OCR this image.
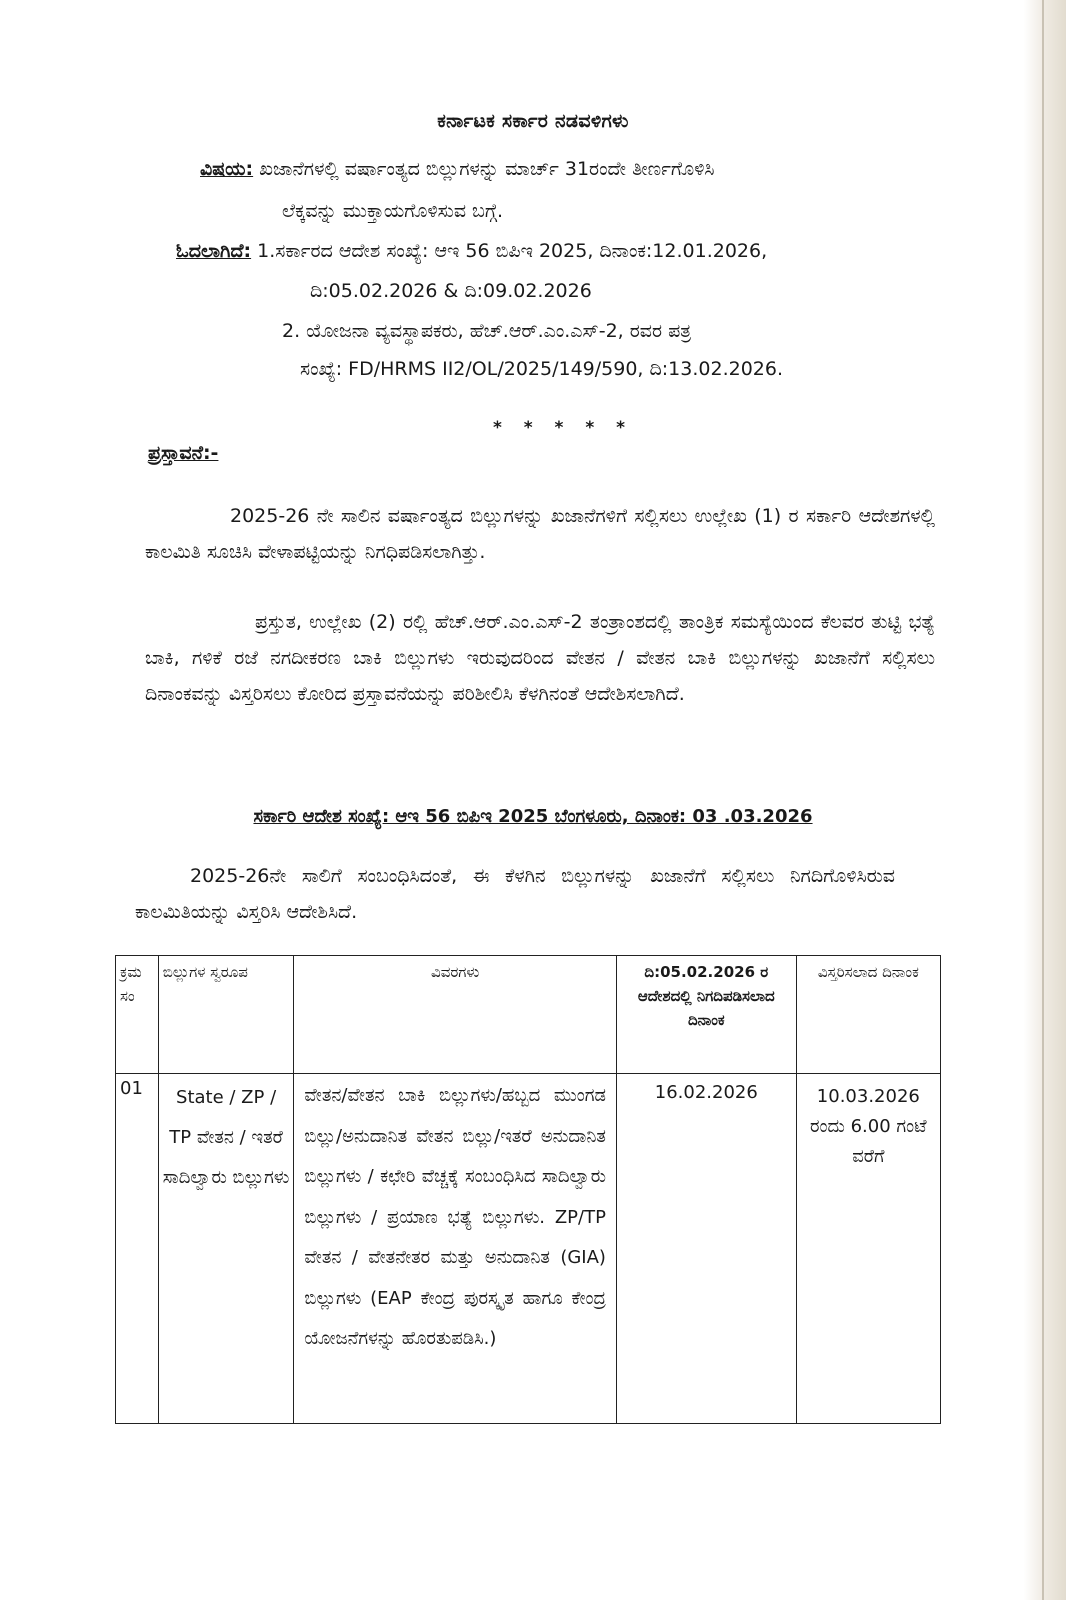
ಕರ್ನಾಟಕ ಸರ್ಕಾರ ನಡವಳಿಗಳು
ವಿಷಯ: ಖಜಾನೆಗಳಲ್ಲಿ ವರ್ಷಾಂತ್ಯದ ಬಿಲ್ಲುಗಳನ್ನು ಮಾರ್ಚ್ 31ರಂದೇ ತೀರ್ಣಗೊಳಿಸಿ
ಲೆಕ್ಕವನ್ನು ಮುಕ್ತಾಯಗೊಳಿಸುವ ಬಗ್ಗೆ.
ಓದಲಾಗಿದೆ: 1.ಸರ್ಕಾರದ ಆದೇಶ ಸಂಖ್ಯೆ: ಆಇ 56 ಬಿಪಿಇ 2025, ದಿನಾಂಕ:12.01.2026,
ದಿ:05.02.2026 & ದಿ:09.02.2026
2. ಯೋಜನಾ ವ್ಯವಸ್ಥಾಪಕರು, ಹೆಚ್.ಆರ್.ಎಂ.ಎಸ್-2, ರವರ ಪತ್ರ
ಸಂಖ್ಯೆ: FD/HRMS II2/OL/2025/149/590, ದಿ:13.02.2026.
* * * * *
ಪ್ರಸ್ತಾವನೆ:-
2025-26 ನೇ ಸಾಲಿನ ವರ್ಷಾಂತ್ಯದ ಬಿಲ್ಲುಗಳನ್ನು ಖಜಾನೆಗಳಿಗೆ ಸಲ್ಲಿಸಲು ಉಲ್ಲೇಖ (1) ರ ಸರ್ಕಾರಿ ಆದೇಶಗಳಲ್ಲಿ ಕಾಲಮಿತಿ ಸೂಚಿಸಿ ವೇಳಾಪಟ್ಟಿಯನ್ನು ನಿಗಧಿಪಡಿಸಲಾಗಿತ್ತು.
ಪ್ರಸ್ತುತ, ಉಲ್ಲೇಖ (2) ರಲ್ಲಿ ಹೆಚ್.ಆರ್.ಎಂ.ಎಸ್-2 ತಂತ್ರಾಂಶದಲ್ಲಿ ತಾಂತ್ರಿಕ ಸಮಸ್ಯೆಯಿಂದ ಕೆಲವರ ತುಟ್ಟಿ ಭತ್ಯೆ ಬಾಕಿ, ಗಳಿಕೆ ರಜೆ ನಗದೀಕರಣ ಬಾಕಿ ಬಿಲ್ಲುಗಳು ಇರುವುದರಿಂದ ವೇತನ / ವೇತನ ಬಾಕಿ ಬಿಲ್ಲುಗಳನ್ನು ಖಜಾನೆಗೆ ಸಲ್ಲಿಸಲು ದಿನಾಂಕವನ್ನು ವಿಸ್ತರಿಸಲು ಕೋರಿದ ಪ್ರಸ್ತಾವನೆಯನ್ನು ಪರಿಶೀಲಿಸಿ ಕೆಳಗಿನಂತೆ ಆದೇಶಿಸಲಾಗಿದೆ.
ಸರ್ಕಾರಿ ಆದೇಶ ಸಂಖ್ಯೆ: ಆಇ 56 ಬಿಪಿಇ 2025 ಬೆಂಗಳೂರು, ದಿನಾಂಕ: 03 .03.2026
2025-26ನೇ ಸಾಲಿಗೆ ಸಂಬಂಧಿಸಿದಂತೆ, ಈ ಕೆಳಗಿನ ಬಿಲ್ಲುಗಳನ್ನು ಖಜಾನೆಗೆ ಸಲ್ಲಿಸಲು ನಿಗದಿಗೊಳಿಸಿರುವ ಕಾಲಮಿತಿಯನ್ನು ವಿಸ್ತರಿಸಿ ಆದೇಶಿಸಿದೆ.
ಕ್ರಮ ಸಂ	ಬಿಲ್ಲುಗಳ ಸ್ವರೂಪ	ವಿವರಗಳು	ದಿ:05.02.2026 ರ ಆದೇಶದಲ್ಲಿ ನಿಗದಿಪಡಿಸಲಾದ ದಿನಾಂಕ	ವಿಸ್ತರಿಸಲಾದ ದಿನಾಂಕ
01	State / ZP / TP ವೇತನ / ಇತರೆ ಸಾದಿಲ್ವಾರು ಬಿಲ್ಲುಗಳು	ವೇತನ/ವೇತನ ಬಾಕಿ ಬಿಲ್ಲುಗಳು/ಹಬ್ಬದ ಮುಂಗಡ ಬಿಲ್ಲು/ಅನುದಾನಿತ ವೇತನ ಬಿಲ್ಲು/ಇತರೆ ಅನುದಾನಿತ ಬಿಲ್ಲುಗಳು / ಕಛೇರಿ ವೆಚ್ಚಕ್ಕೆ ಸಂಬಂಧಿಸಿದ ಸಾದಿಲ್ವಾರು ಬಿಲ್ಲುಗಳು / ಪ್ರಯಾಣ ಭತ್ಯೆ ಬಿಲ್ಲುಗಳು. ZP/TP ವೇತನ / ವೇತನೇತರ ಮತ್ತು ಅನುದಾನಿತ (GIA) ಬಿಲ್ಲುಗಳು (EAP ಕೇಂದ್ರ ಪುರಸ್ಕೃತ ಹಾಗೂ ಕೇಂದ್ರ ಯೋಜನೆಗಳನ್ನು ಹೊರತುಪಡಿಸಿ.)	16.02.2026	10.03.2026 ರಂದು 6.00 ಗಂಟೆ ವರೆಗೆ
